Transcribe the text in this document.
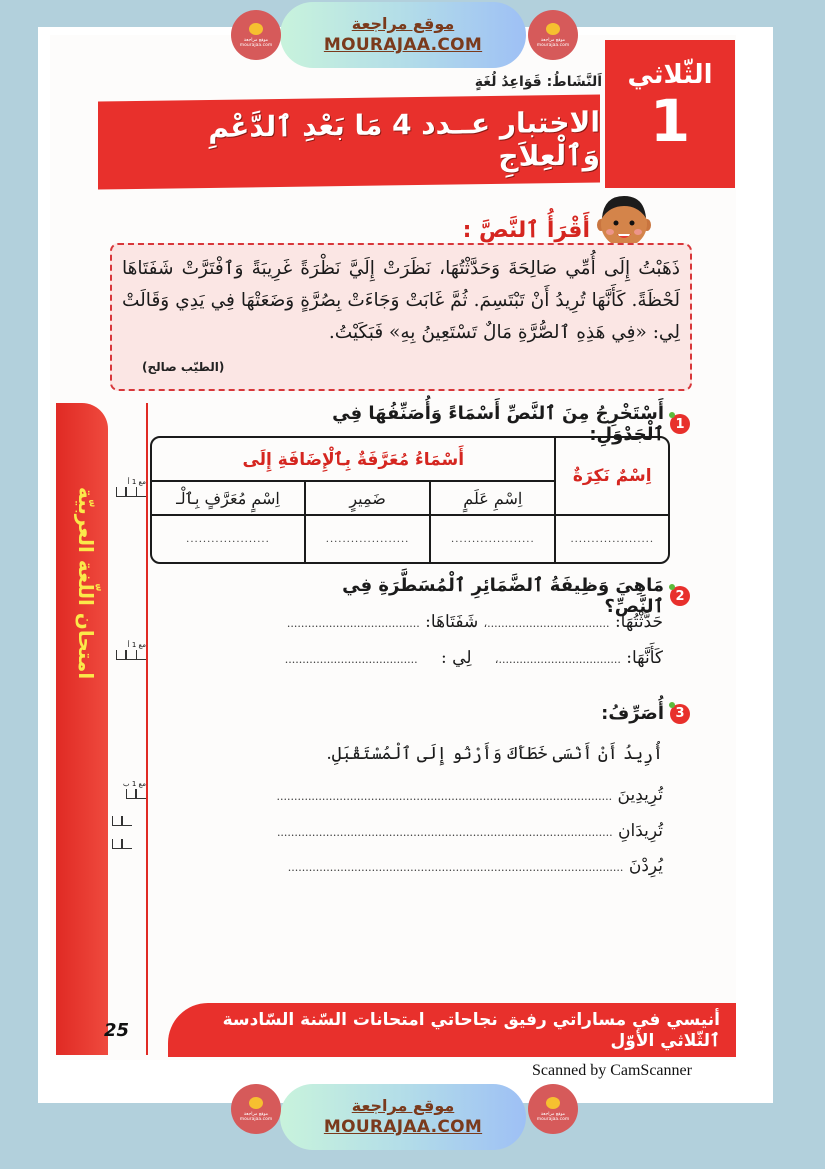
موقع مراجعة mourajaa.com
موقع مراجعة
MOURAJAA.COM	موقع مراجعة mourajaa.com
الثّلاثي
1
اَلنَّشَاطُ: قَوَاعِدُ لُغَةٍ
الاختبار عــدد 4 مَا بَعْدِ ٱلدَّعْمِ وَٱلْعِلاَجِ
أَقْرَأُ ٱلنَّصَّ :
ذَهَبْتُ إِلَى أُمِّي صَالِحَةَ وَحَدَّثْتُهَا، نَظَرَتْ إِلَيَّ نَظْرَةً غَرِيبَةً وَٱفْتَرَّتْ شَفَتَاهَا لَحْظَةً. كَأَنَّهَا تُرِيدُ أَنْ تَبْتَسِمَ. ثُمَّ غَابَتْ وَجَاءَتْ بِصُرَّةٍ وَضَعَتْهَا فِي يَدِي وَقَالَتْ لِي: «فِي هَذِهِ ٱلصُّرَّةِ مَالٌ تَسْتَعِينُ بِهِ» فَبَكَيْتُ.
(الطيّب صالح)
امتحان اللّغة العربيّة
مع 1 أ
مع 1 أ
مع 1 ب
1
أَسْتَخْرِجُ مِنَ ٱلنَّصِّ أَسْمَاءً وَأُصَنِّفُهَا فِي ٱلْجَدْوَلِ:
اِسْمٌ نَكِرَةٌ	أَسْمَاءُ مُعَرَّفَةٌ بِٱلْإِضَافَةِ إِلَى		
	اِسْمِ عَلَمٍ	ضَمِيرٍ	اِسْمٍ مُعَرَّفٍ بِٱلْـ
....................	....................	....................	....................
2
مَاهِيَ وَظِيفَةُ ٱلضَّمَائِرِ ٱلْمُسَطَّرَةِ فِي ٱلنَّصِّ؟
حَدَّثْتُهَا: ...................................، شَفَتَاهَا: ......................................
كَأَنَّهَا: ...................................، لِي : ......................................
3
أُصَرِّفُ:
أُرِيدُ أَنْ أَنْسَى خَطَأَكَ وَأَرْنُو إِلَى ٱلْمُسْتَقْبَلِ.
تُرِيدِينَ ................................................................................................
تُرِيدَانِ ................................................................................................
يُرِدْنَ ................................................................................................
25
أنيسي في مساراتي رفيق نجاحاتي امتحانات السّنة السّادسة ٱلثّلاثي الأوّل
Scanned by CamScanner
موقع مراجعة mourajaa.com
موقع مراجعة
MOURAJAA.COM
موقع مراجعة mourajaa.com
